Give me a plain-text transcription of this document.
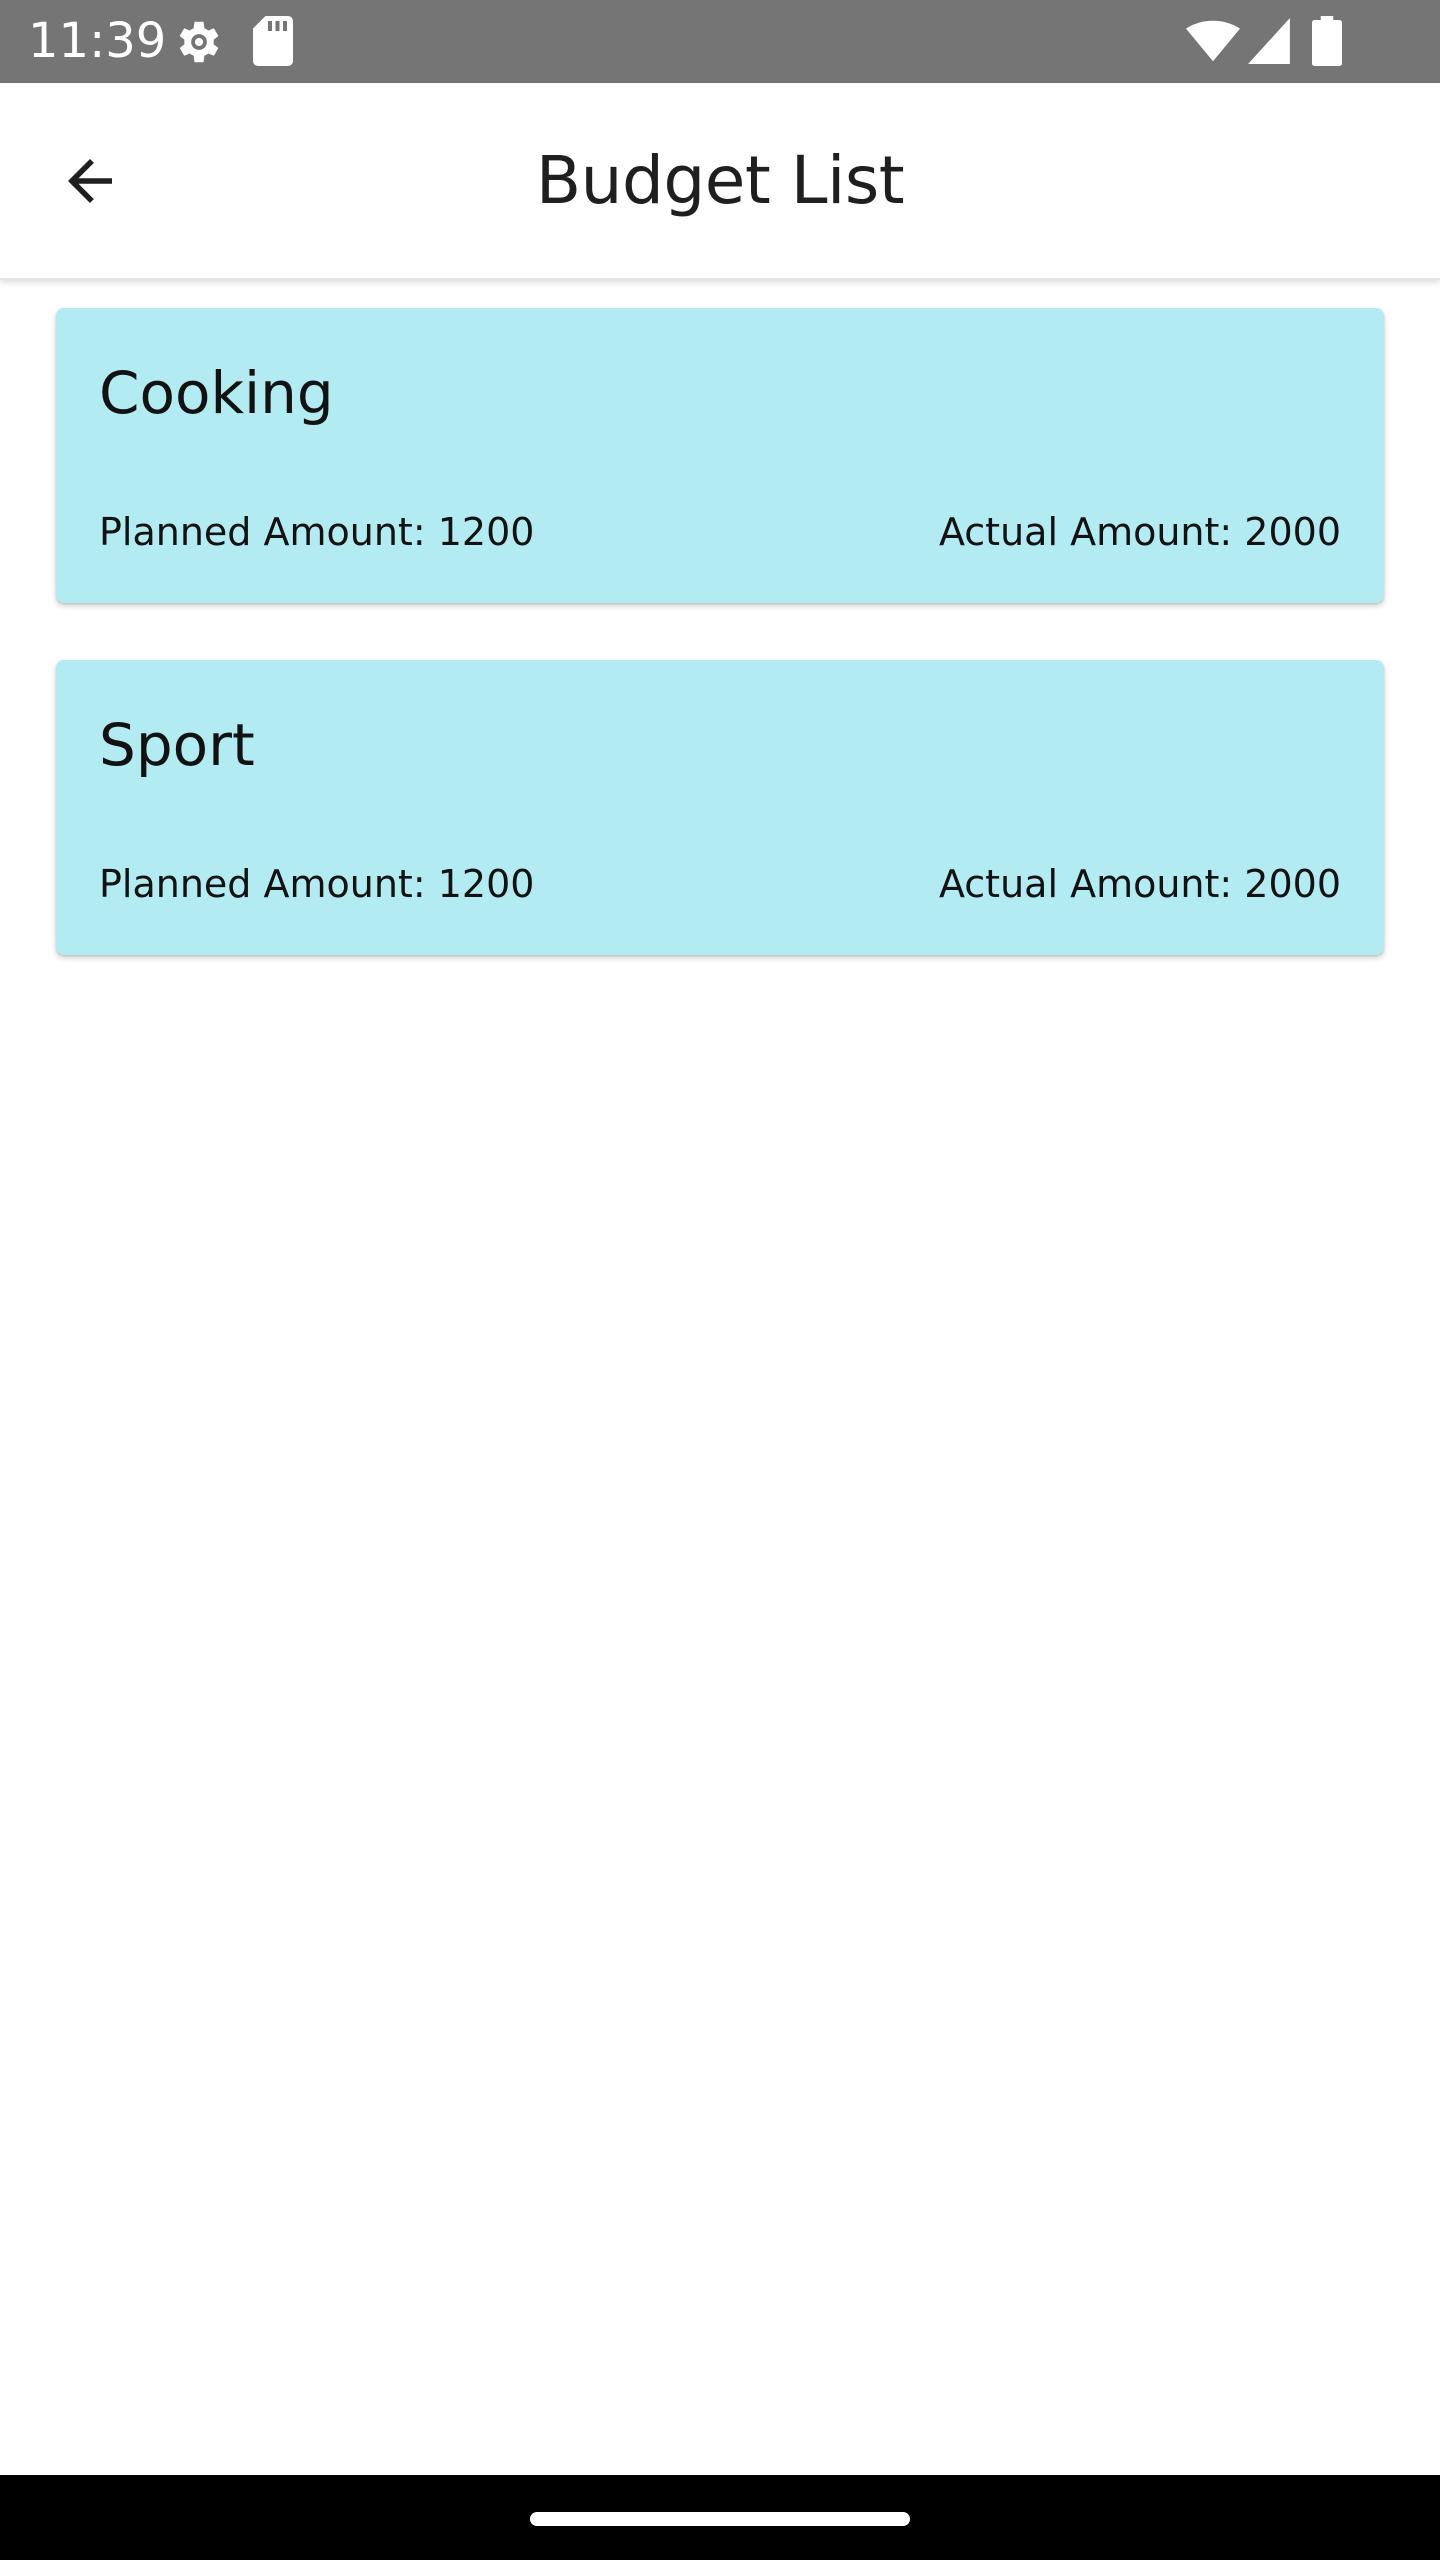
11:39
Budget List
Cooking
Planned Amount: 1200	Actual Amount: 2000
Sport
Planned Amount: 1200	Actual Amount: 2000
